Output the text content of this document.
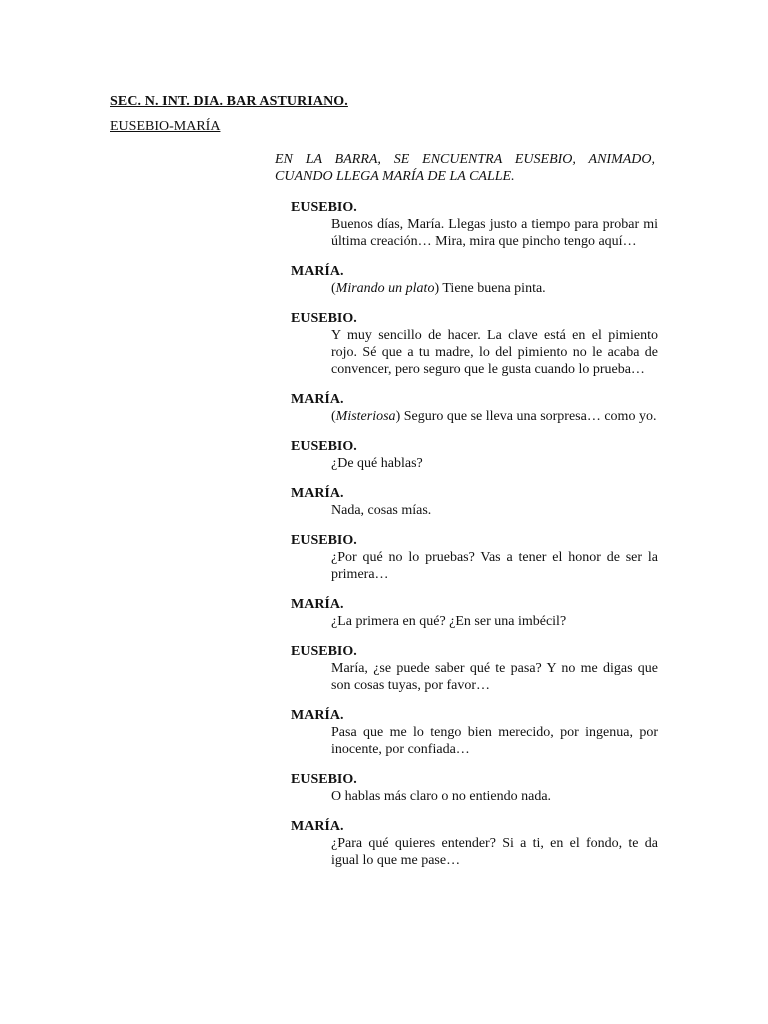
SEC. N. INT. DIA. BAR ASTURIANO.

EUSEBIO-MARÍA

EN LA BARRA, SE ENCUENTRA EUSEBIO, ANIMADO, CUANDO LLEGA MARÍA DE LA CALLE.

EUSEBIO.

Buenos días, María. Llegas justo a tiempo para probar mi última creación… Mira, mira que pincho tengo aquí…

MARÍA.

(Mirando un plato) Tiene buena pinta.

EUSEBIO.

Y muy sencillo de hacer. La clave está en el pimiento rojo. Sé que a tu madre, lo del pimiento no le acaba de convencer, pero seguro que le gusta cuando lo prueba…

MARÍA.

(Misteriosa) Seguro que se lleva una sorpresa… como yo.

EUSEBIO.

¿De qué hablas?

MARÍA.

Nada, cosas mías.

EUSEBIO.

¿Por qué no lo pruebas? Vas a tener el honor de ser la primera…

MARÍA.

¿La primera en qué? ¿En ser una imbécil?

EUSEBIO.

María, ¿se puede saber qué te pasa? Y no me digas que son cosas tuyas, por favor…

MARÍA.

Pasa que me lo tengo bien merecido, por ingenua, por inocente, por confiada…

EUSEBIO.

O hablas más claro o no entiendo nada.

MARÍA.

¿Para qué quieres entender? Si a ti, en el fondo, te da igual lo que me pase…
